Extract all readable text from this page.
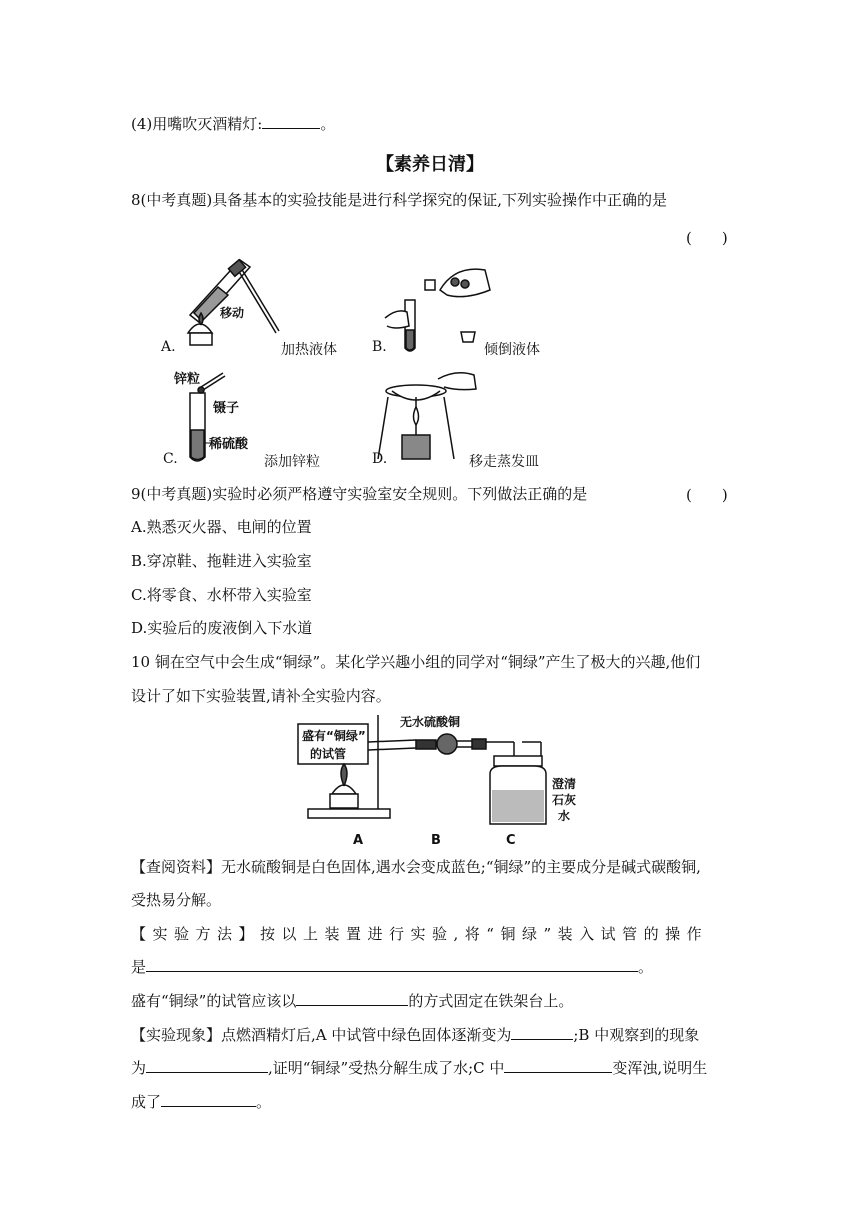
(4)用嘴吹灭酒精灯:	。
【素养日清】
8(中考真题)具备基本的实验技能是进行科学探究的保证,下列实验操作中正确的是
(　　)
移动
A.	加热液体	B.	倾倒液体
锌粒
镊子
稀硫酸
C.	添加锌粒	D.	移走蒸发皿
9(中考真题)实验时必须严格遵守实验室安全规则。下列做法正确的是	(　　)
A.熟悉灭火器、电闸的位置
B.穿凉鞋、拖鞋进入实验室
C.将零食、水杯带入实验室
D.实验后的废液倒入下水道
10 铜在空气中会生成“铜绿”。某化学兴趣小组的同学对“铜绿”产生了极大的兴趣,他们
设计了如下实验装置,请补全实验内容。
盛有“铜绿”
的试管
无水硫酸铜
澄清
石灰
水
A	B	C
【查阅资料】无水硫酸铜是白色固体,遇水会变成蓝色;“铜绿”的主要成分是碱式碳酸铜,
受热易分解。
【实验方法】按以上装置进行实验,将“铜绿”装入试管的操作
是	。
盛有“铜绿”的试管应该以	的方式固定在铁架台上。
【实验现象】点燃酒精灯后,A 中试管中绿色固体逐渐变为	;B 中观察到的现象
为	,证明“铜绿”受热分解生成了水;C 中	变浑浊,说明生
成了	。
